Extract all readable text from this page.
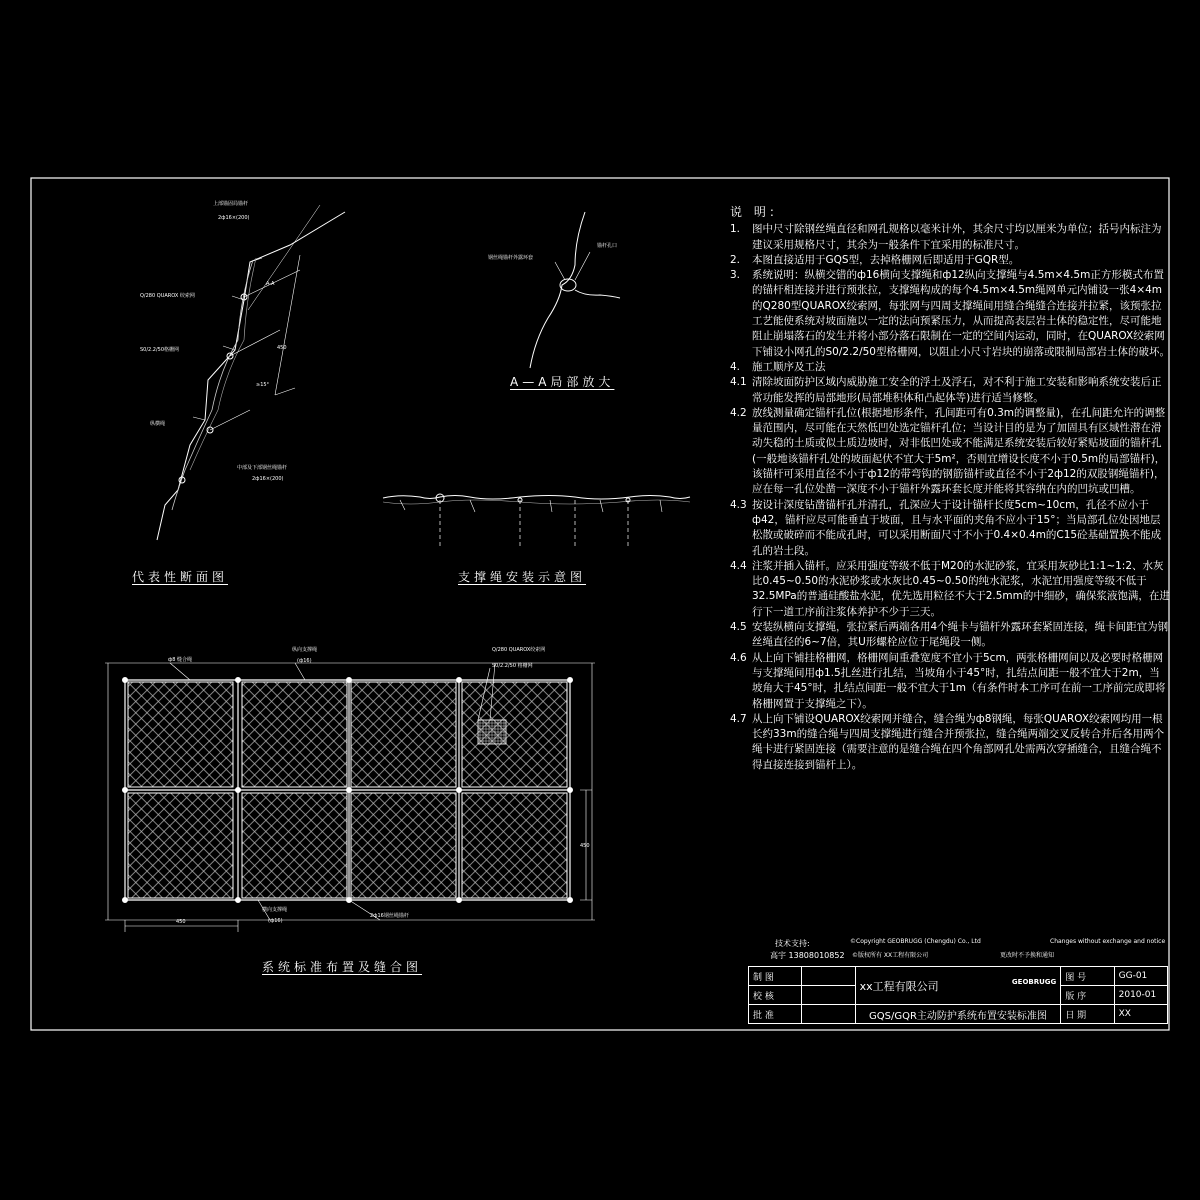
上部锚固局锚杆
2ф16×(200)
Q/280 QUAROX 绞索网
A-A
S0/2.2/50格栅网	450
≥15°
纵横绳
中部及下部钢丝绳锚杆
2ф16×(200)
代表性断面图
钢丝绳锚杆外露环套
锚杆孔口
A—A局部放大
支撑绳安装示意图
ф8 缝合绳
纵向支撑绳
(ф16)
Q/280 QUAROX绞索网
S0/2.2/50 格栅网
横向支撑绳
(ф16)
2ф16钢丝绳锚杆
450
450
系统标准布置及缝合图
说 明:
1.	图中尺寸除钢丝绳直径和网孔规格以毫米计外，其余尺寸均以厘米为单位；括号内标注为建议采用规格尺寸，其余为一般条件下宜采用的标准尺寸。
2.	本图直接适用于GQS型，去掉格栅网后即适用于GQR型。
3.	系统说明：纵横交错的ф16横向支撑绳和ф12纵向支撑绳与4.5m×4.5m正方形模式布置的锚杆相连接并进行预张拉，支撑绳构成的每个4.5m×4.5m绳网单元内铺设一张4×4m 的Q280型QUAROX绞索网，每张网与四周支撑绳间用缝合绳缝合连接并拉紧，该预张拉工艺能使系统对坡面施以一定的法向预紧压力，从而提高表层岩土体的稳定性，尽可能地阻止崩塌落石的发生并将小部分落石限制在一定的空间内运动，同时，在QUAROX绞索网下铺设小网孔的S0/2.2/50型格栅网，以阻止小尺寸岩块的崩落或限制局部岩土体的破坏。
4.	施工顺序及工法
4.1 清除坡面防护区域内威胁施工安全的浮土及浮石，对不利于施工安装和影响系统安装后正常功能发挥的局部地形(局部堆积体和凸起体等)进行适当修整。
4.2 放线测量确定锚杆孔位(根据地形条件，孔间距可有0.3m的调整量)，在孔间距允许的调整量范围内，尽可能在天然低凹处选定锚杆孔位；当设计目的是为了加固具有区域性潜在滑动失稳的土质或似土质边坡时，对非低凹处或不能满足系统安装后较好紧贴坡面的锚杆孔(一般地该锚杆孔处的坡面起伏不宜大于5m²，否则宜增设长度不小于0.5m的局部锚杆)，该锚杆可采用直径不小于ф12的带弯钩的钢筋锚杆或直径不小于2ф12的双股钢绳锚杆)，应在每一孔位处凿一深度不小于锚杆外露环套长度并能将其容纳在内的凹坑或凹槽。
4.3 按设计深度钻凿锚杆孔并清孔，孔深应大于设计锚杆长度5cm~10cm，孔径不应小于ф42，锚杆应尽可能垂直于坡面，且与水平面的夹角不应小于15°；当局部孔位处因地层松散或破碎而不能成孔时，可以采用断面尺寸不小于0.4×0.4m的C15砼基础置换不能成孔的岩土段。
4.4 注浆并插入锚杆。应采用强度等级不低于M20的水泥砂浆，宜采用灰砂比1:1~1:2、水灰比0.45~0.50的水泥砂浆或水灰比0.45~0.50的纯水泥浆，水泥宜用强度等级不低于32.5MPa的普通硅酸盐水泥，优先选用粒径不大于2.5mm的中细砂，确保浆液饱满，在进行下一道工序前注浆体养护不少于三天。
4.5 安装纵横向支撑绳，张拉紧后两端各用4个绳卡与锚杆外露环套紧固连接，绳卡间距宜为钢丝绳直径的6~7倍，其U形螺栓应位于尾绳段一侧。
4.6 从上向下铺挂格栅网，格栅网间重叠宽度不宜小于5cm，两张格栅网间以及必要时格栅网与支撑绳间用ф1.5扎丝进行扎结，当坡角小于45°时，扎结点间距一般不宜大于2m，当坡角大于45°时，扎结点间距一般不宜大于1m（有条件时本工序可在前一工序前完成即将格栅网置于支撑绳之下）。
4.7 从上向下铺设QUAROX绞索网并缝合，缝合绳为ф8钢绳，每张QUAROX绞索网均用一根长约33m的缝合绳与四周支撑绳进行缝合并预张拉，缝合绳两端交叉反转合并后各用两个绳卡进行紧固连接（需要注意的是缝合绳在四个角部网孔处需两次穿插缝合，且缝合绳不得直接连接到锚杆上）。
技术支持:
高宇 13808010852
©Copyright GEOBRUGG (Chengdu) Co., Ltd
©版权所有 XX工程有限公司
Changes without exchange and notice
更改时不予换和通知
制 图		xx工程有限公司 GEOBRUGG	图 号	GG-01
校 核			版 序	2010-01
批 准		GQS/GQR主动防护系统布置安装标准图	日 期	XX
